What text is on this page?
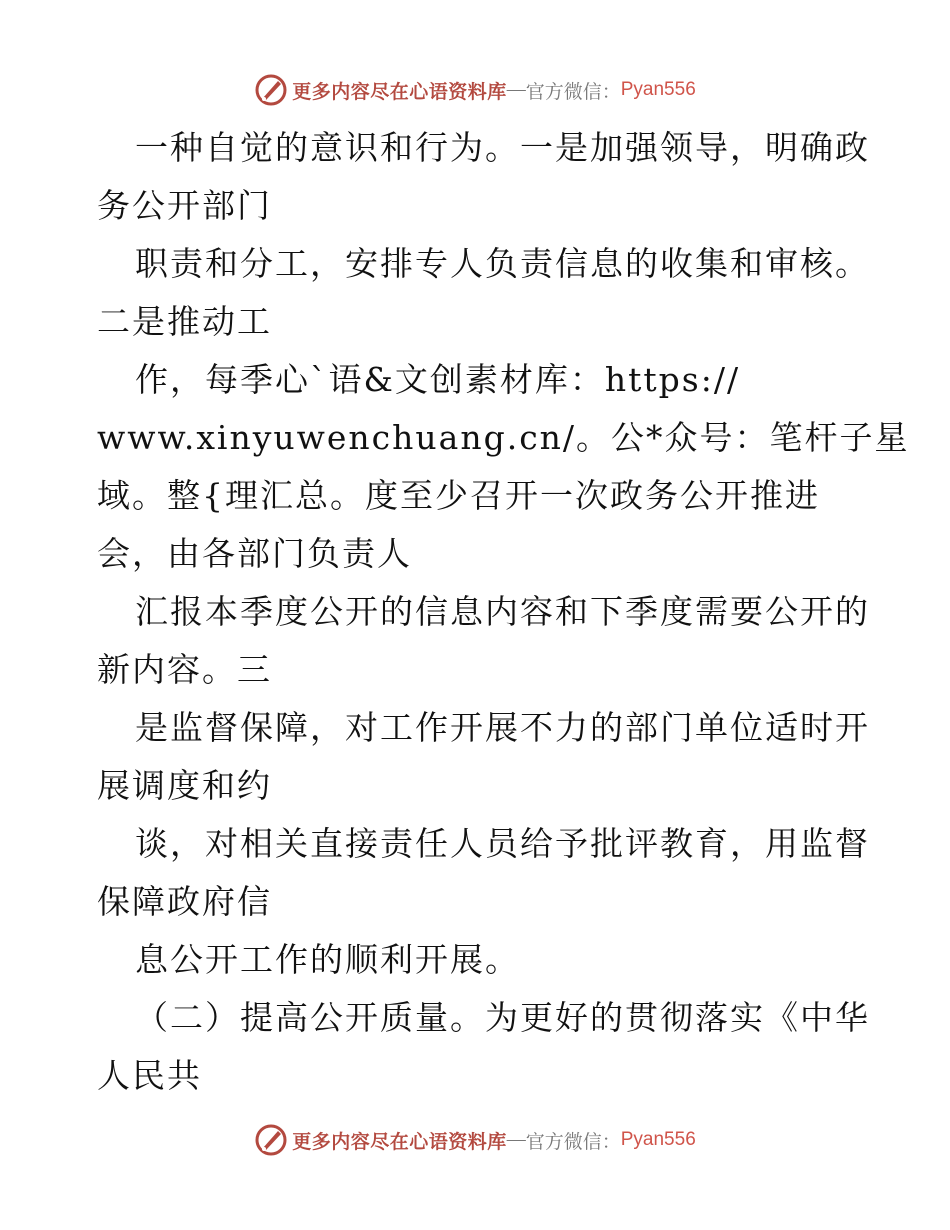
更多内容尽在心语资料库 — 官方微信： Pyan556
一种自觉的意识和行为。一是加强领导，明确政
务公开部门
职责和分工，安排专人负责信息的收集和审核。
二是推动工
作，每季心`语&文创素材库：https://
www.xinyuwenchuang.cn/。公*众号：笔杆子星
域。整{理汇总。度至少召开一次政务公开推进
会，由各部门负责人
汇报本季度公开的信息内容和下季度需要公开的
新内容。三
是监督保障，对工作开展不力的部门单位适时开
展调度和约
谈，对相关直接责任人员给予批评教育，用监督
保障政府信
息公开工作的顺利开展。
（二）提高公开质量。为更好的贯彻落实《中华
人民共
更多内容尽在心语资料库 — 官方微信： Pyan556
